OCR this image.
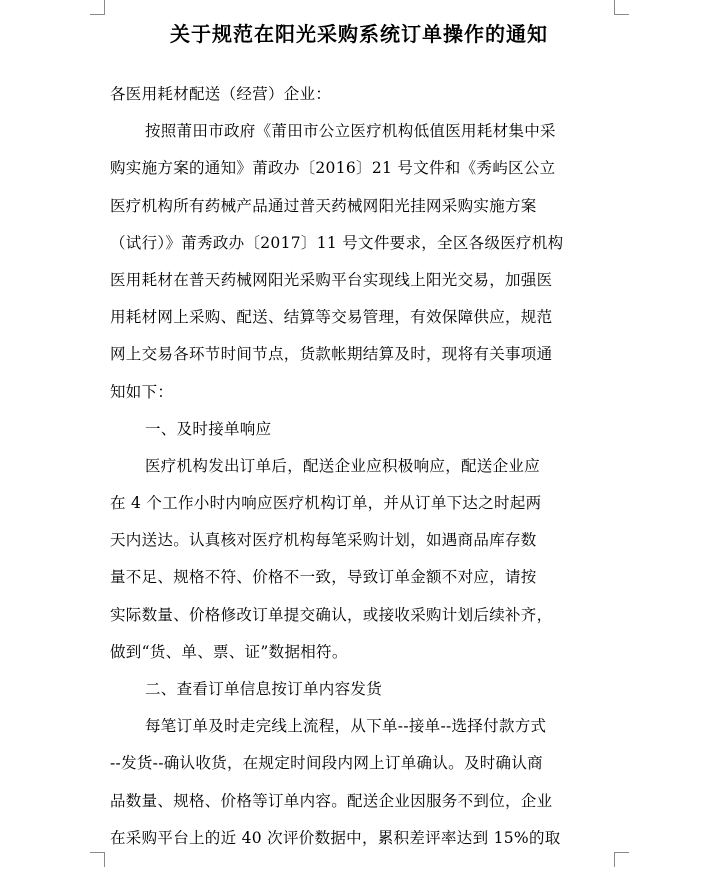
关于规范在阳光采购系统订单操作的通知
各医用耗材配送（经营）企业：
按照莆田市政府《莆田市公立医疗机构低值医用耗材集中采
购实施方案的通知》莆政办〔2016〕21 号文件和《秀屿区公立
医疗机构所有药械产品通过普天药械网阳光挂网采购实施方案
（试行）》莆秀政办〔2017〕11 号文件要求，全区各级医疗机构
医用耗材在普天药械网阳光采购平台实现线上阳光交易，加强医
用耗材网上采购、配送、结算等交易管理，有效保障供应，规范
网上交易各环节时间节点，货款帐期结算及时，现将有关事项通
知如下：
一、及时接单响应
医疗机构发出订单后，配送企业应积极响应，配送企业应
在 4 个工作小时内响应医疗机构订单，并从订单下达之时起两
天内送达。认真核对医疗机构每笔采购计划，如遇商品库存数
量不足、规格不符、价格不一致，导致订单金额不对应，请按
实际数量、价格修改订单提交确认，或接收采购计划后续补齐，
做到“货、单、票、证”数据相符。
二、查看订单信息按订单内容发货
每笔订单及时走完线上流程，从下单--接单--选择付款方式
--发货--确认收货，在规定时间段内网上订单确认。及时确认商
品数量、规格、价格等订单内容。配送企业因服务不到位，企业
在采购平台上的近 40 次评价数据中，累积差评率达到 15%的取
